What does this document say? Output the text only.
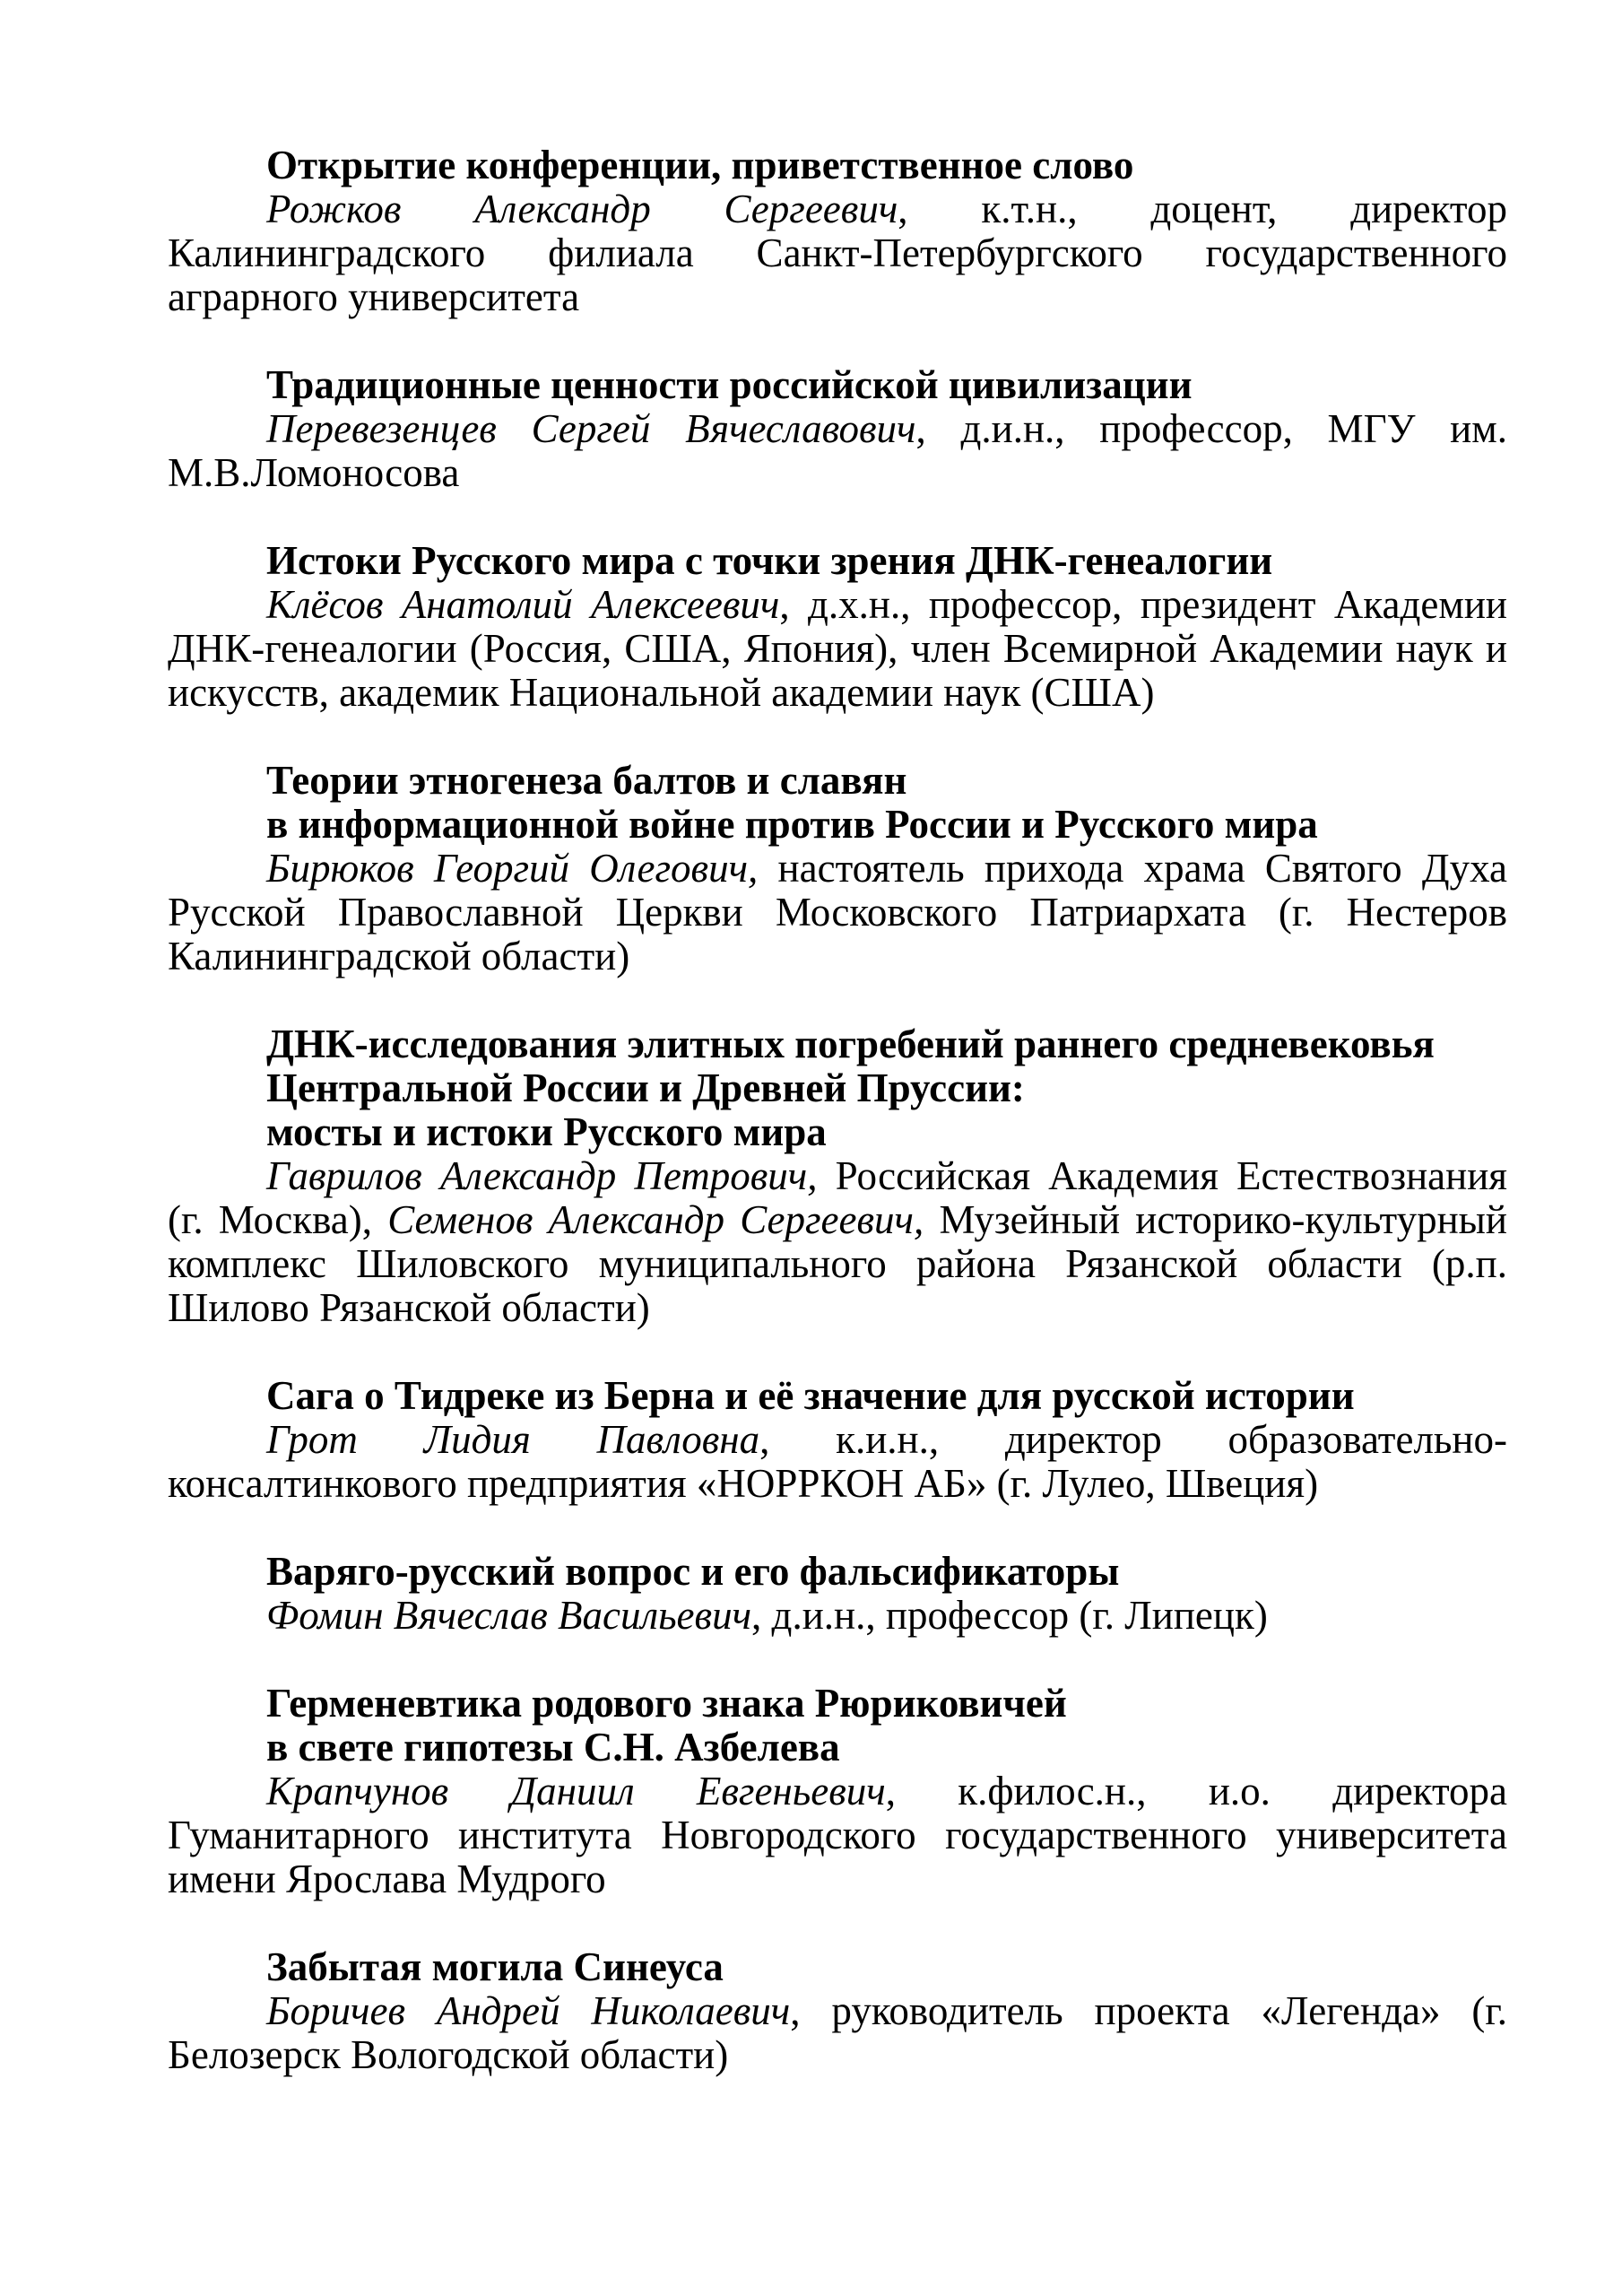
Открытие конференции, приветственное слово

Рожков Александр Сергеевич, к.т.н., доцент, директор Калининградского филиала Санкт-Петербургского государственного аграрного университета

Традиционные ценности российской цивилизации

Перевезенцев Сергей Вячеславович, д.и.н., профессор, МГУ им. М.В.Ломоносова

Истоки Русского мира с точки зрения ДНК-генеалогии

Клёсов Анатолий Алексеевич, д.х.н., профессор, президент Академии ДНК-генеалогии (Россия, США, Япония), член Всемирной Академии наук и искусств, академик Национальной академии наук (США)

Теории этногенеза балтов и славян
в информационной войне против России и Русского мира

Бирюков Георгий Олегович, настоятель прихода храма Святого Духа Русской Православной Церкви Московского Патриархата (г. Нестеров Калининградской области)

ДНК-исследования элитных погребений раннего средневековья
Центральной России и Древней Пруссии:
мосты и истоки Русского мира

Гаврилов Александр Петрович, Российская Академия Естествознания (г. Москва), Семенов Александр Сергеевич, Музейный историко-культурный комплекс Шиловского муниципального района Рязанской области (р.п. Шилово Рязанской области)

Сага о Тидреке из Берна и её значение для русской истории

Грот Лидия Павловна, к.и.н., директор образовательно-консалтинкового предприятия «НОРРКОН АБ» (г. Лулео, Швеция)

Варяго-русский вопрос и его фальсификаторы

Фомин Вячеслав Васильевич, д.и.н., профессор (г. Липецк)

Герменевтика родового знака Рюриковичей
в свете гипотезы С.Н. Азбелева

Крапчунов Даниил Евгеньевич, к.филос.н., и.о. директора Гуманитарного института Новгородского государственного университета имени Ярослава Мудрого

Забытая могила Синеуса

Боричев Андрей Николаевич, руководитель проекта «Легенда» (г. Белозерск Вологодской области)
